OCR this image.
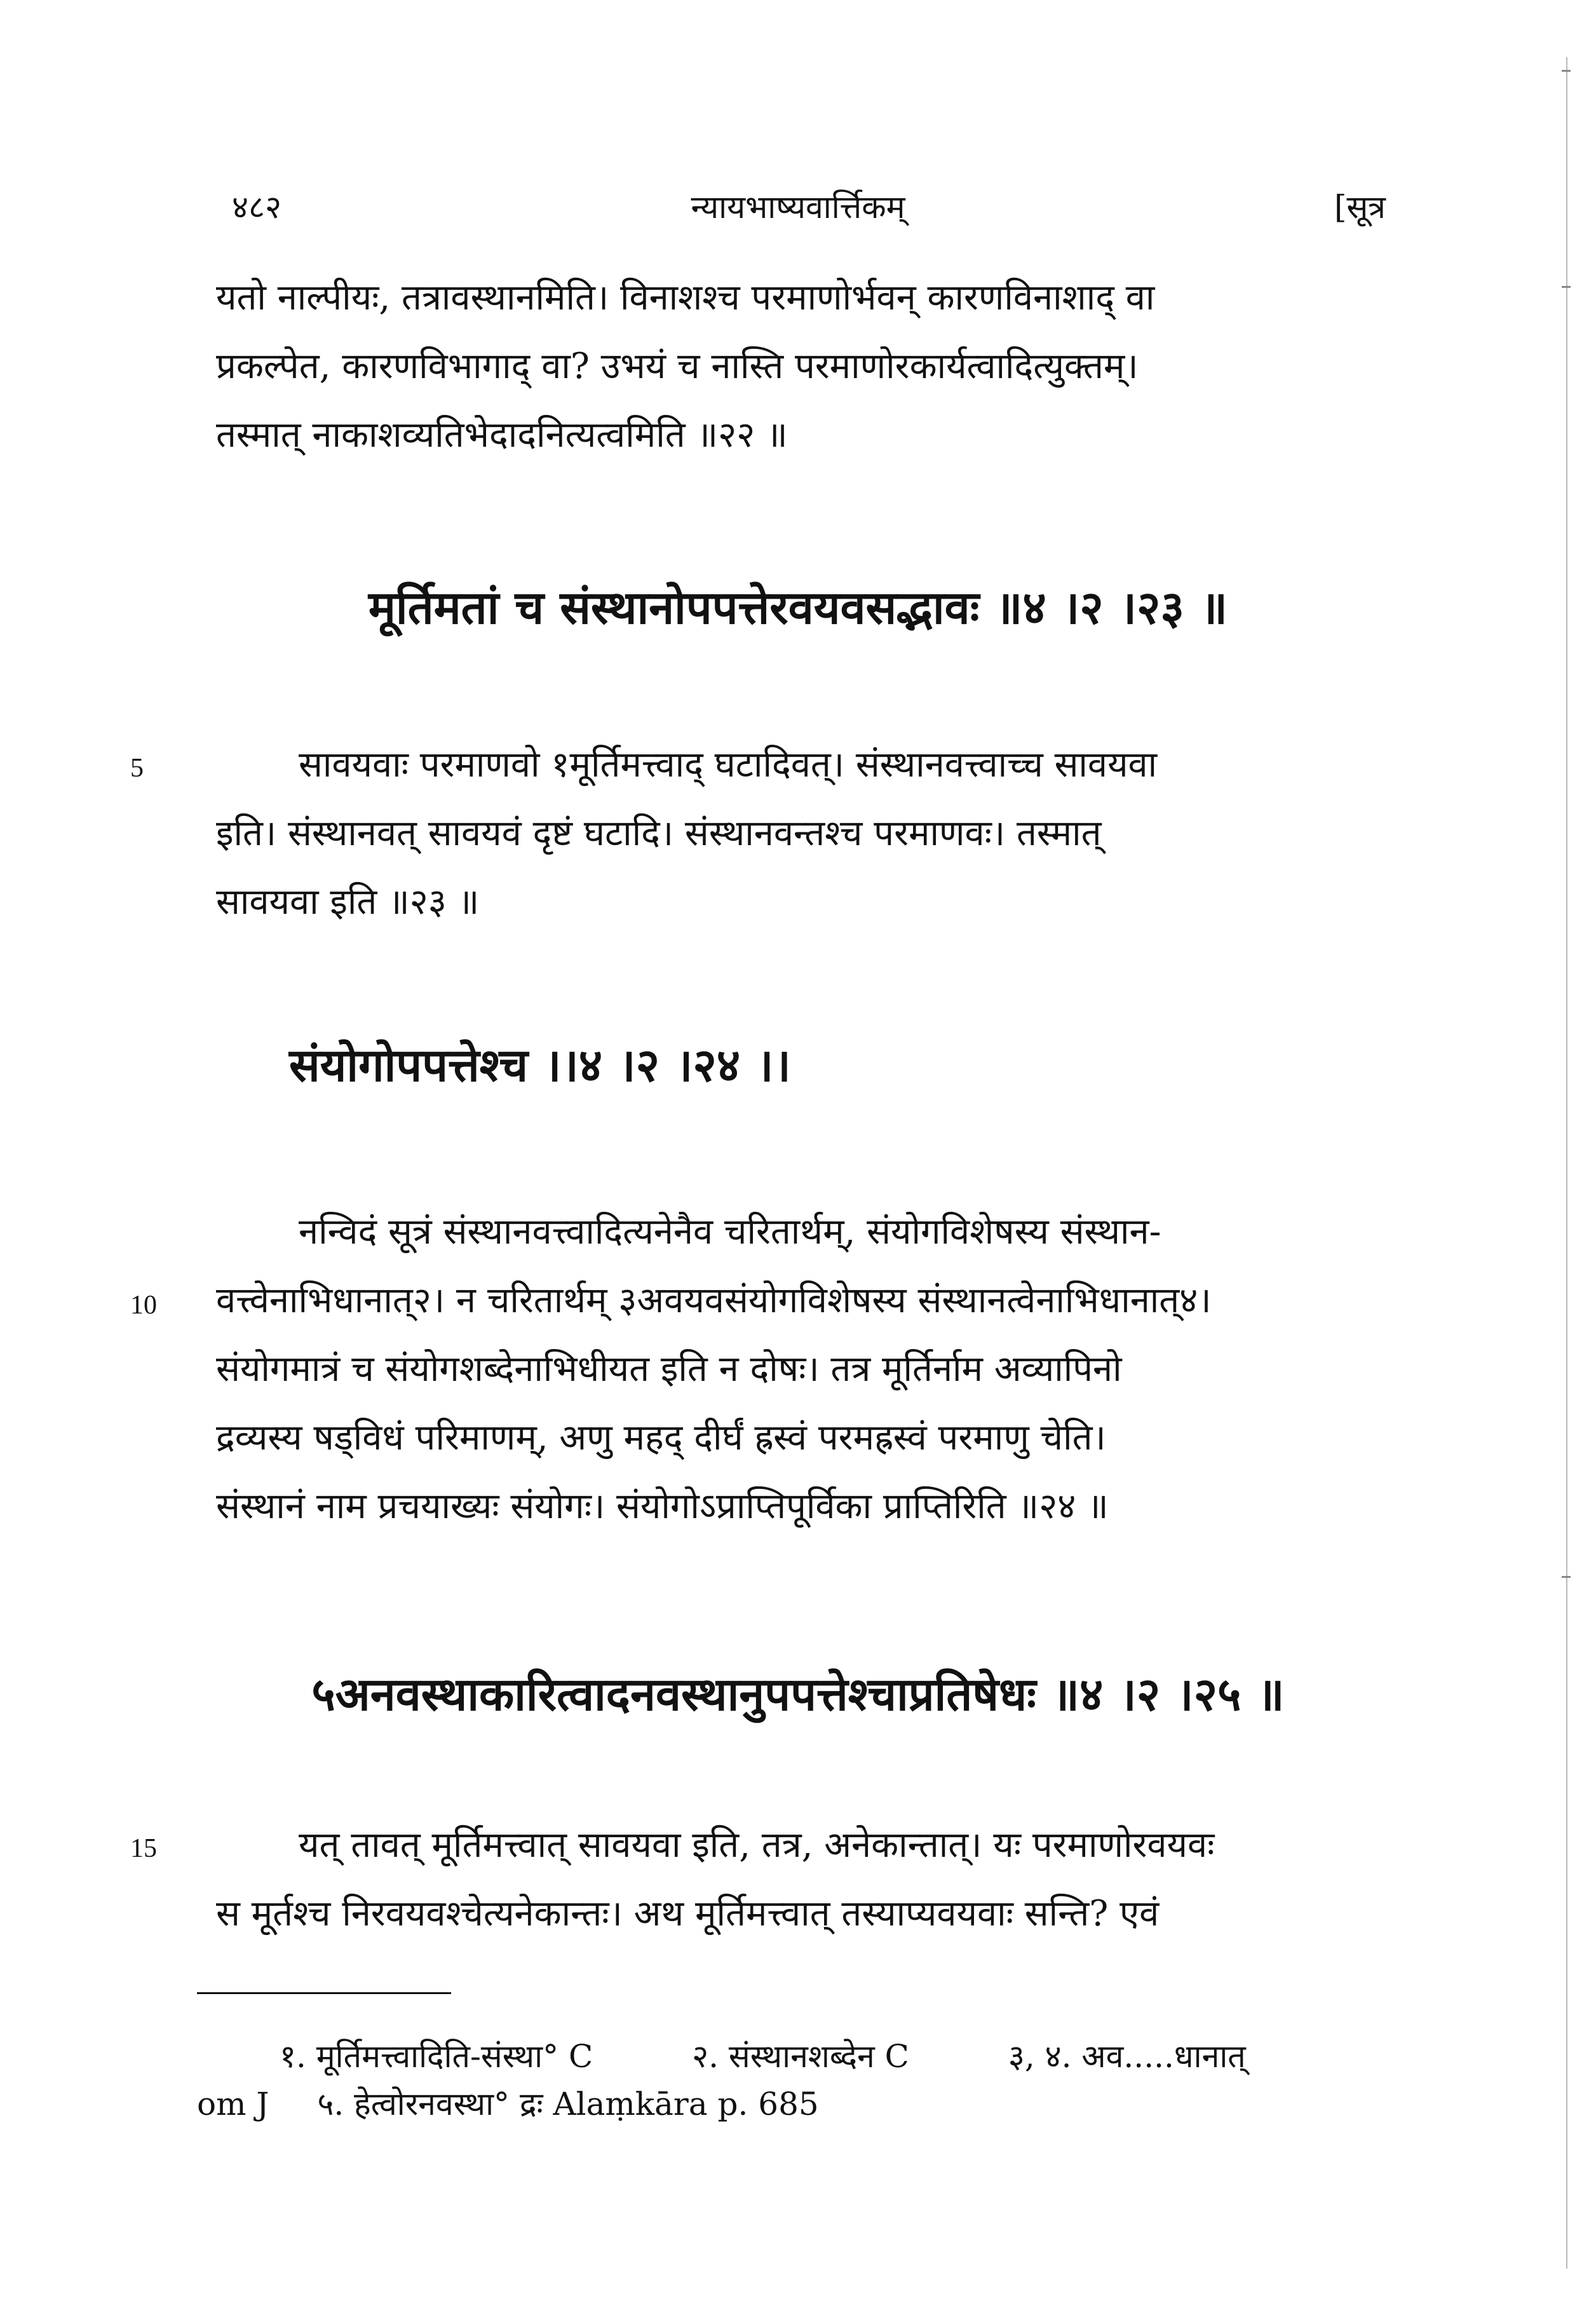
४८२	न्यायभाष्यवार्त्तिकम्	[सूत्र
यतो नाल्पीयः, तत्रावस्थानमिति। विनाशश्च परमाणोर्भवन् कारणविनाशाद् वा
प्रकल्पेत, कारणविभागाद् वा? उभयं च नास्ति परमाणोरकार्यत्वादित्युक्तम्।
तस्मात् नाकाशव्यतिभेदादनित्यत्वमिति ॥२२ ॥
मूर्तिमतां च संस्थानोपपत्तेरवयवसद्भावः ॥४ ।२ ।२३ ॥
5	सावयवाः परमाणवो १मूर्तिमत्त्वाद् घटादिवत्। संस्थानवत्त्वाच्च सावयवा
इति। संस्थानवत् सावयवं दृष्टं घटादि। संस्थानवन्तश्च परमाणवः। तस्मात्
सावयवा इति ॥२३ ॥
संयोगोपपत्तेश्च ।।४ ।२ ।२४ ।।
10
नन्विदं सूत्रं संस्थानवत्त्वादित्यनेनैव चरितार्थम्, संयोगविशेषस्य संस्थान-
वत्त्वेनाभिधानात्२। न चरितार्थम् ३अवयवसंयोगविशेषस्य संस्थानत्वेनाभिधानात्४।
संयोगमात्रं च संयोगशब्देनाभिधीयत इति न दोषः। तत्र मूर्तिर्नाम अव्यापिनो
द्रव्यस्य षड्विधं परिमाणम्, अणु महद् दीर्घं ह्रस्वं परमह्रस्वं परमाणु चेति।
संस्थानं नाम प्रचयाख्यः संयोगः। संयोगोऽप्राप्तिपूर्विका प्राप्तिरिति ॥२४ ॥
५अनवस्थाकारित्वादनवस्थानुपपत्तेश्चाप्रतिषेधः ॥४ ।२ ।२५ ॥
15	यत् तावत् मूर्तिमत्त्वात् सावयवा इति, तत्र, अनेकान्तात्। यः परमाणोरवयवः
स मूर्तश्च निरवयवश्चेत्यनेकान्तः। अथ मूर्तिमत्त्वात् तस्याप्यवयवाः सन्ति? एवं
१. मूर्तिमत्त्वादिति-संस्था° C	२. संस्थानशब्देन C	३, ४. अव.....धानात्
om J ५. हेत्वोरनवस्था° द्रः Alaṃkāra p. 685
